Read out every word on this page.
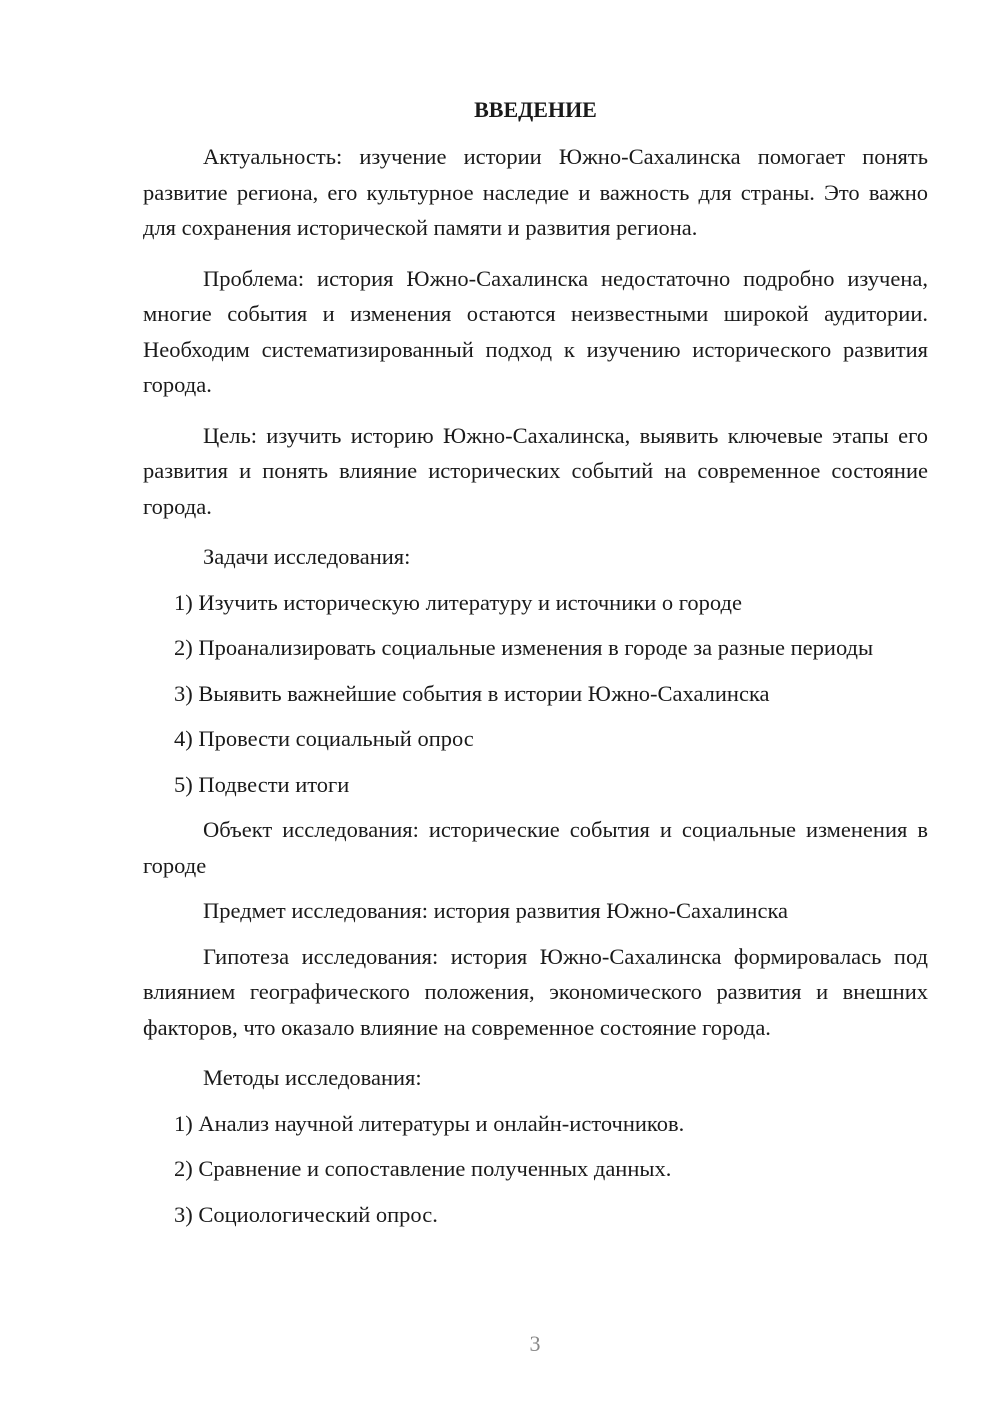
ВВЕДЕНИЕ

Актуальность: изучение истории Южно-Сахалинска помогает понять развитие региона, его культурное наследие и важность для страны. Это важно для сохранения исторической памяти и развития региона.

Проблема: история Южно-Сахалинска недостаточно подробно изучена, многие события и изменения остаются неизвестными широкой аудитории. Необходим систематизированный подход к изучению исторического развития города.

Цель: изучить историю Южно-Сахалинска, выявить ключевые этапы его развития и понять влияние исторических событий на современное состояние города.

Задачи исследования:

1) Изучить историческую литературу и источники о городе

2) Проанализировать социальные изменения в городе за разные периоды

3) Выявить важнейшие события в истории Южно-Сахалинска

4) Провести социальный опрос

5) Подвести итоги

Объект исследования: исторические события и социальные изменения в городе

Предмет исследования: история развития Южно-Сахалинска

Гипотеза исследования: история Южно-Сахалинска формировалась под влиянием географического положения, экономического развития и внешних факторов, что оказало влияние на современное состояние города.

Методы исследования:

1) Анализ научной литературы и онлайн-источников.

2) Сравнение и сопоставление полученных данных.

3) Социологический опрос.

3
